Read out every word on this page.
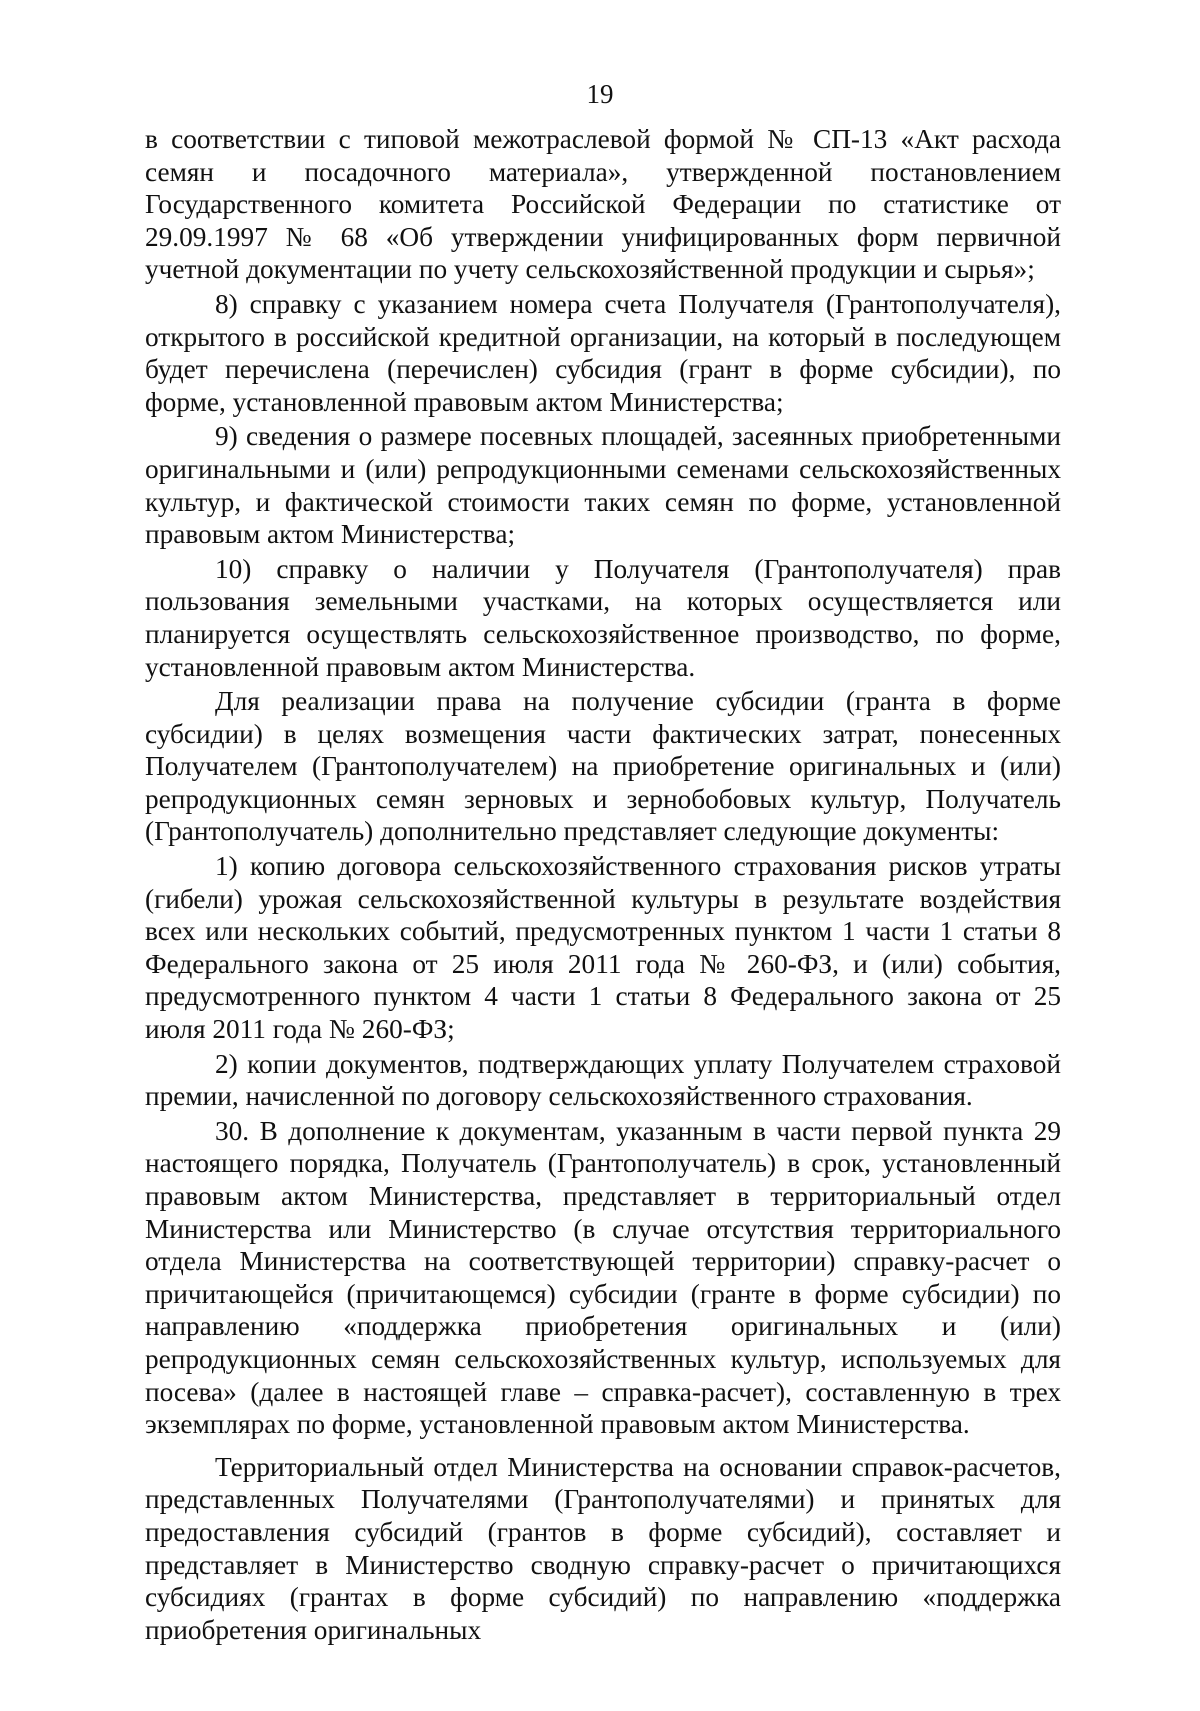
19

в соответствии с типовой межотраслевой формой № СП-13 «Акт расхода семян и посадочного материала», утвержденной постановлением Государственного комитета Российской Федерации по статистике от 29.09.1997 № 68 «Об утверждении унифицированных форм первичной учетной документации по учету сельскохозяйственной продукции и сырья»;

8) справку с указанием номера счета Получателя (Грантополучателя), открытого в российской кредитной организации, на который в последующем будет перечислена (перечислен) субсидия (грант в форме субсидии), по форме, установленной правовым актом Министерства;

9) сведения о размере посевных площадей, засеянных приобретенными оригинальными и (или) репродукционными семенами сельскохозяйственных культур, и фактической стоимости таких семян по форме, установленной правовым актом Министерства;

10) справку о наличии у Получателя (Грантополучателя) прав пользования земельными участками, на которых осуществляется или планируется осуществлять сельскохозяйственное производство, по форме, установленной правовым актом Министерства.

Для реализации права на получение субсидии (гранта в форме субсидии) в целях возмещения части фактических затрат, понесенных Получателем (Грантополучателем) на приобретение оригинальных и (или) репродукционных семян зерновых и зернобобовых культур, Получатель (Грантополучатель) дополнительно представляет следующие документы:

1) копию договора сельскохозяйственного страхования рисков утраты (гибели) урожая сельскохозяйственной культуры в результате воздействия всех или нескольких событий, предусмотренных пунктом 1 части 1 статьи 8 Федерального закона от 25 июля 2011 года № 260-ФЗ, и (или) события, предусмотренного пунктом 4 части 1 статьи 8 Федерального закона от 25 июля 2011 года № 260-ФЗ;

2) копии документов, подтверждающих уплату Получателем страховой премии, начисленной по договору сельскохозяйственного страхования.

30. В дополнение к документам, указанным в части первой пункта 29 настоящего порядка, Получатель (Грантополучатель) в срок, установленный правовым актом Министерства, представляет в территориальный отдел Министерства или Министерство (в случае отсутствия территориального отдела Министерства на соответствующей территории) справку-расчет о причитающейся (причитающемся) субсидии (гранте в форме субсидии) по направлению «поддержка приобретения оригинальных и (или) репродукционных семян сельскохозяйственных культур, используемых для посева» (далее в настоящей главе – справка-расчет), составленную в трех экземплярах по форме, установленной правовым актом Министерства.

Территориальный отдел Министерства на основании справок-расчетов, представленных Получателями (Грантополучателями) и принятых для предоставления субсидий (грантов в форме субсидий), составляет и представляет в Министерство сводную справку-расчет о причитающихся субсидиях (грантах в форме субсидий) по направлению «поддержка приобретения оригинальных
